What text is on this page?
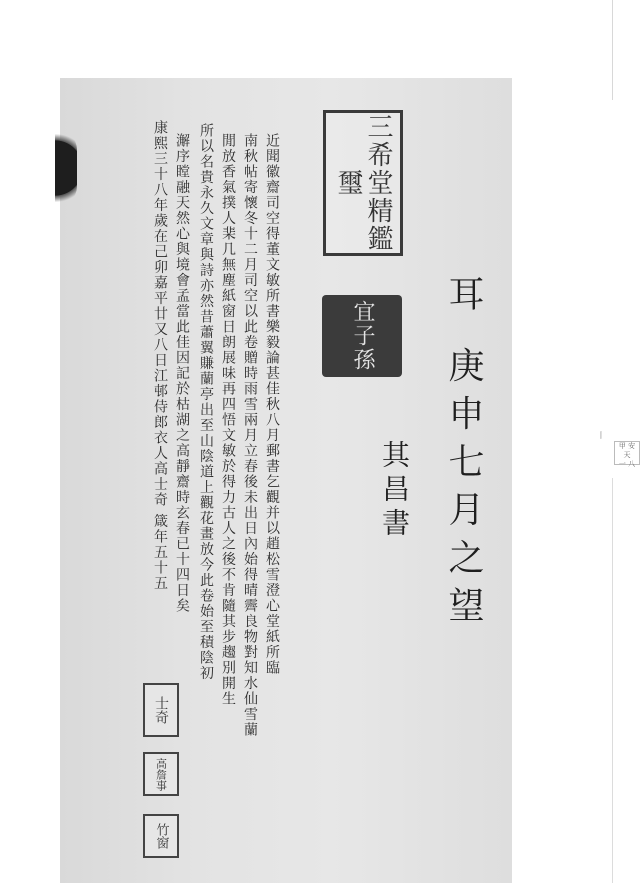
丨
甲 安 天
一 八
近聞徽齋司空得董文敏所書樂毅論甚佳秋八月郵書乞觀并以趙松雪澄心堂紙所臨
南秋帖寄懷冬十二月司空以此卷贈時雨雪兩月立春後未出日內始得晴霽良物對知水仙雪蘭
閒放香氣撲人棐几無塵紙窗日朗展味再四悟文敏於得力古人之後不肯隨其步趨別開生
所以名貴永久文章與詩亦然昔蕭翼賺蘭亭出至山陰道上觀花畫放今此卷始至積陰初
澥序瞠融天然心與境會孟當此佳因記於枯湖之高靜齋時玄春已十四日矣
康熙三十八年歲在己卯嘉平廿又八日江邨侍郎衣人高士奇 箴年五十五	耳 庚申七月之望
其昌書
三希堂精鑑璽
宜子孫
士奇
高詹事
竹窗
